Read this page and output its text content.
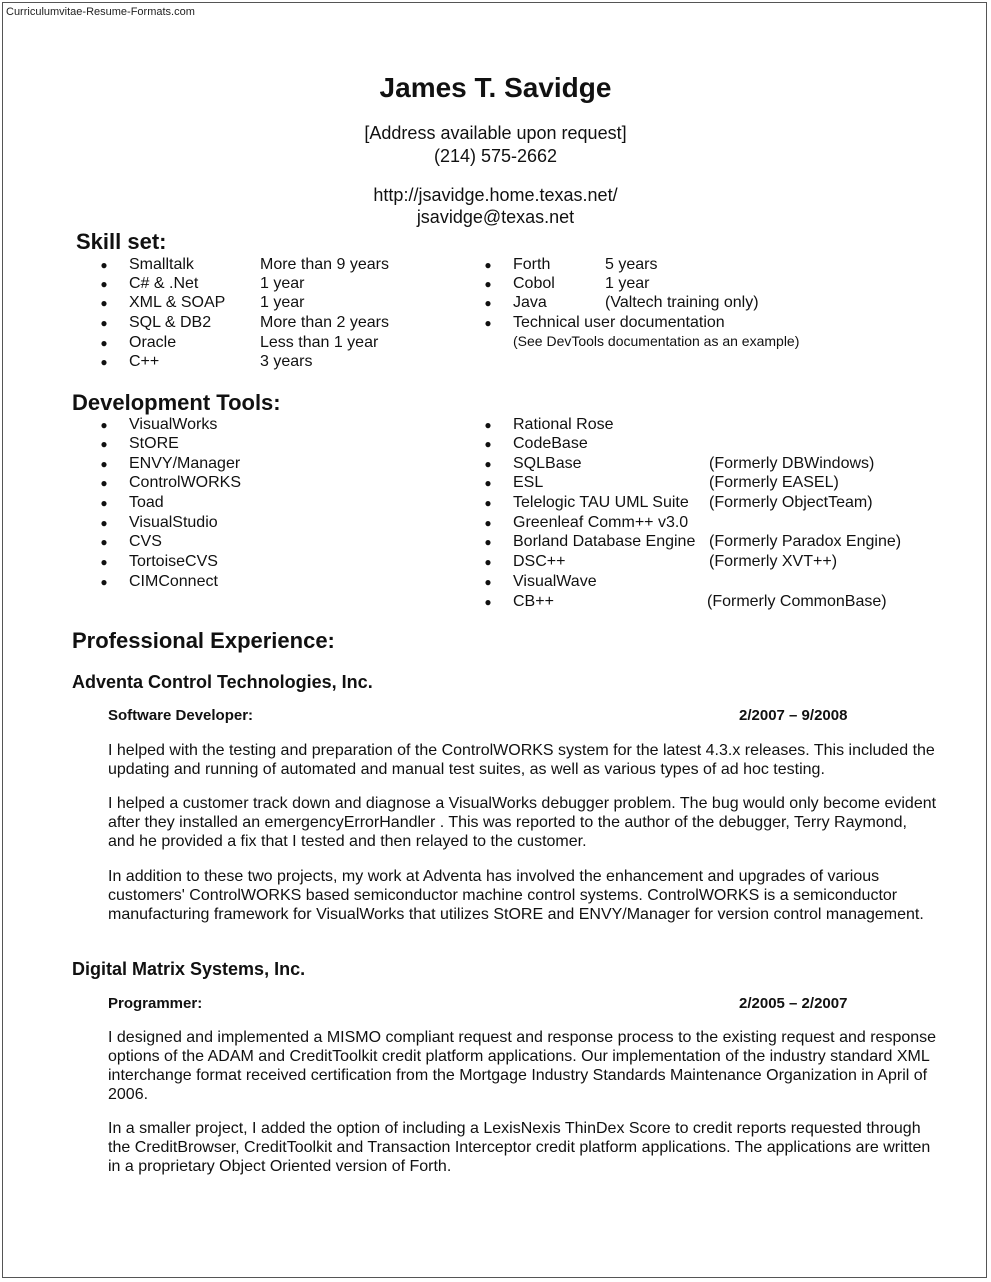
Curriculumvitae-Resume-Formats.com
James T. Savidge
[Address available upon request]
(214) 575-2662
http://jsavidge.home.texas.net/
jsavidge@texas.net
Skill set:
● Smalltalk	More than 9 years
● C# & .Net	1 year
● XML & SOAP 1 year
● SQL & DB2	More than 2 years
● Oracle	Less than 1 year
● C++	3 years
● Forth	5 years
● Cobol	1 year
● Java	(Valtech training only)
● Technical user documentation
(See DevTools documentation as an example)
Development Tools:
● VisualWorks
● StORE
● ENVY/Manager
● ControlWORKS
● Toad
● VisualStudio
● CVS
● TortoiseCVS
● CIMConnect
● Rational Rose
● CodeBase
● SQLBase	(Formerly DBWindows)
● ESL	(Formerly EASEL)
● Telelogic TAU UML Suite (Formerly ObjectTeam)
● Greenleaf Comm++ v3.0
● Borland Database Engine (Formerly Paradox Engine)
● DSC++	(Formerly XVT++)
● VisualWave
● CB++	(Formerly CommonBase)
Professional Experience:
Adventa Control Technologies, Inc.
Software Developer:	2/2007 – 9/2008

I helped with the testing and preparation of the ControlWORKS system for the latest 4.3.x releases. This included the updating and running of automated and manual test suites, as well as various types of ad hoc testing.

I helped a customer track down and diagnose a VisualWorks debugger problem. The bug would only become evident after they installed an emergencyErrorHandler . This was reported to the author of the debugger, Terry Raymond, and he provided a fix that I tested and then relayed to the customer.

In addition to these two projects, my work at Adventa has involved the enhancement and upgrades of various customers' ControlWORKS based semiconductor machine control systems. ControlWORKS is a semiconductor manufacturing framework for VisualWorks that utilizes StORE and ENVY/Manager for version control management.

Digital Matrix Systems, Inc.
Programmer:	2/2005 – 2/2007

I designed and implemented a MISMO compliant request and response process to the existing request and response options of the ADAM and CreditToolkit credit platform applications. Our implementation of the industry standard XML interchange format received certification from the Mortgage Industry Standards Maintenance Organization in April of 2006.

In a smaller project, I added the option of including a LexisNexis ThinDex Score to credit reports requested through the CreditBrowser, CreditToolkit and Transaction Interceptor credit platform applications. The applications are written in a proprietary Object Oriented version of Forth.
